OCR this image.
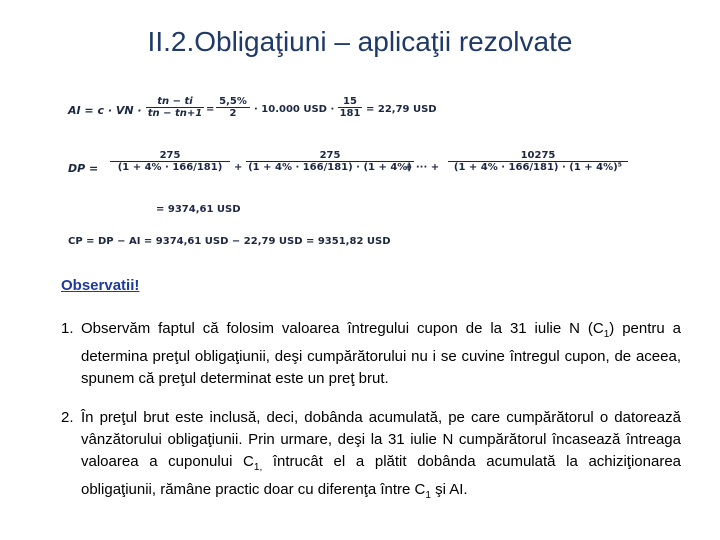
II.2.Obligaţiuni – aplicaţii rezolvate
AI = c · VN ·
tn − ti
tn − tn+1 =
5,5%
2	· 10.000 USD ·
15
181 = 22,79 USD
DP =
275
(1 + 4% · 166/181)	+
275
(1 + 4% · 166/181) · (1 + 4%)
+ ··· +
10275
(1 + 4% · 166/181) · (1 + 4%)⁵
= 9374,61 USD
CP = DP − AI = 9374,61 USD − 22,79 USD = 9351,82 USD
Observatii!
1. Observăm faptul că folosim valoarea întregului cupon de la 31 iulie N $(C_1)$ pentru a determina preţul obligaţiunii, deşi cumpărătorului nu i se cuvine întregul cupon, de aceea, spunem că preţul determinat este un preţ brut.
2. În preţul brut este inclusă, deci, dobânda acumulată, pe care cumpărătorul o datorează vânzătorului obligaţiunii. Prin urmare, deşi la 31 iulie N cumpărătorul încasează întreaga valoarea a cuponului $C_{1,}$ întrucât el a plătit dobânda acumulată la achiziţionarea obligaţiunii, rămâne practic doar cu diferenţa între $C_1$ şi AI.
